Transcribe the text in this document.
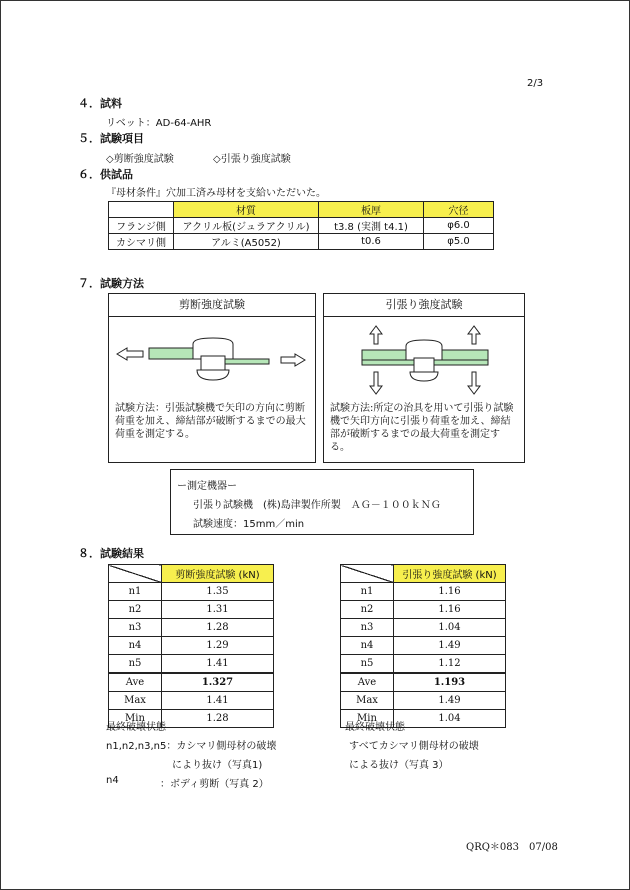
2/3
４．試料
リベット：AD-64-AHR
５．試験項目
◇剪断強度試験	◇引張り強度試験
６．供試品
『母材条件』穴加工済み母材を支給いただいた。
	材質	板厚	穴径
フランジ側	アクリル板(ジュラアクリル)	t3.8 (実測 t4.1)	φ6.0
カシマリ側	アルミ(A5052)	t0.6	φ5.0
７．試験方法
剪断強度試験
試験方法：引張試験機で矢印の方向に剪断荷重を加え、締結部が破断するまでの最大荷重を測定する。
引張り強度試験
試験方法:所定の治具を用いて引張り試験機で矢印方向に引張り荷重を加え、締結部が破断するまでの最大荷重を測定する。
ー測定機器ー
引張り試験機　(株)島津製作所製　ＡＧ－１００ｋＮＧ
試験速度：15mm／min
８．試験結果
	剪断強度試験 (kN)
n1	1.35
n2	1.31
n3	1.28
n4	1.29
n5	1.41
Ave	1.327
Max	1.41
Min	1.28
	引張り強度試験 (kN)
n1	1.16
n2	1.16
n3	1.04
n4	1.49
n5	1.12
Ave	1.193
Max	1.49
Min	1.04
最終破壊状態
n1,n2,n3,n5：カシマリ側母材の破壊
により抜け（写真1)
n4	：ボディ剪断（写真 2）
最終破壊状態
すべてカシマリ側母材の破壊
による抜け（写真 3）
QRQ＊083　07/08
